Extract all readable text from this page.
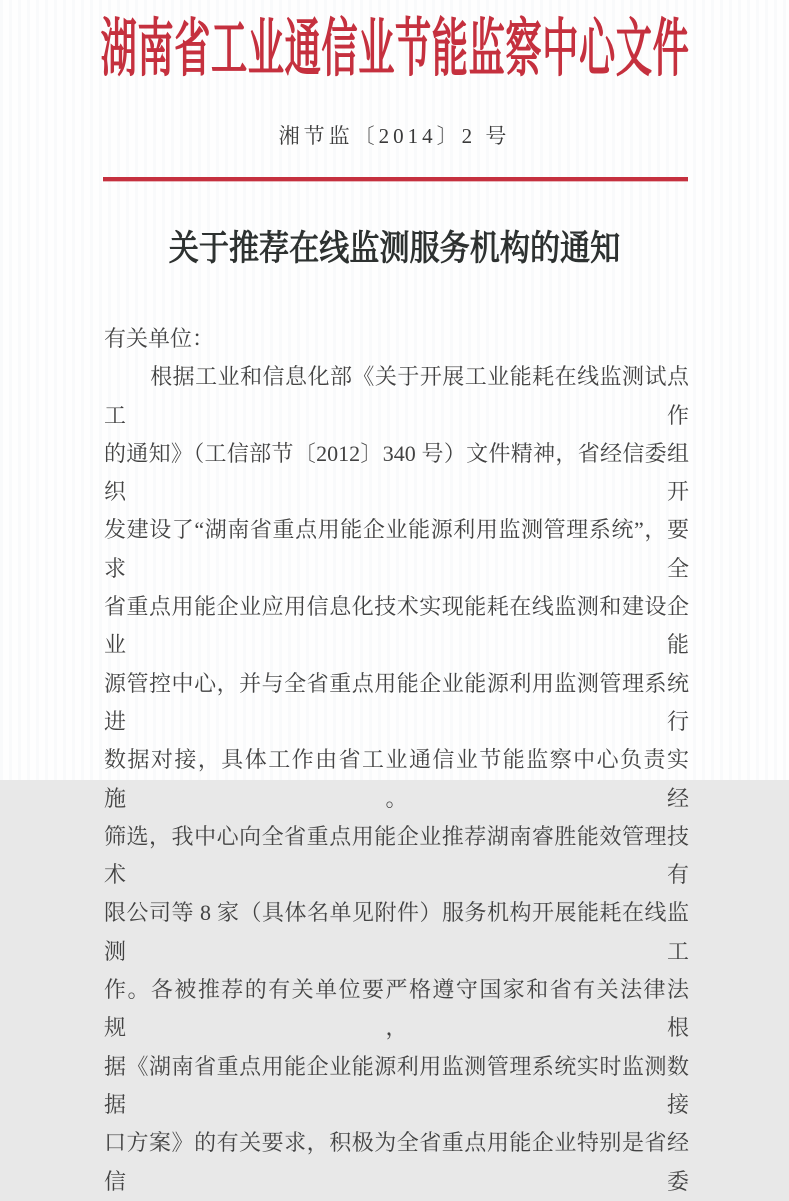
湖南省工业通信业节能监察中心文件
湘节监〔2014〕2 号
关于推荐在线监测服务机构的通知
有关单位：
根据工业和信息化部《关于开展工业能耗在线监测试点工作
的通知》（工信部节〔2012〕340 号）文件精神，省经信委组织开
发建设了“湖南省重点用能企业能源利用监测管理系统”，要求全
省重点用能企业应用信息化技术实现能耗在线监测和建设企业能
源管控中心，并与全省重点用能企业能源利用监测管理系统进行
数据对接，具体工作由省工业通信业节能监察中心负责实施。经
筛选，我中心向全省重点用能企业推荐湖南睿胜能效管理技术有
限公司等 8 家（具体名单见附件）服务机构开展能耗在线监测工
作。各被推荐的有关单位要严格遵守国家和省有关法律法规，根
据《湖南省重点用能企业能源利用监测管理系统实时监测数据接
口方案》的有关要求，积极为全省重点用能企业特别是省经信委
